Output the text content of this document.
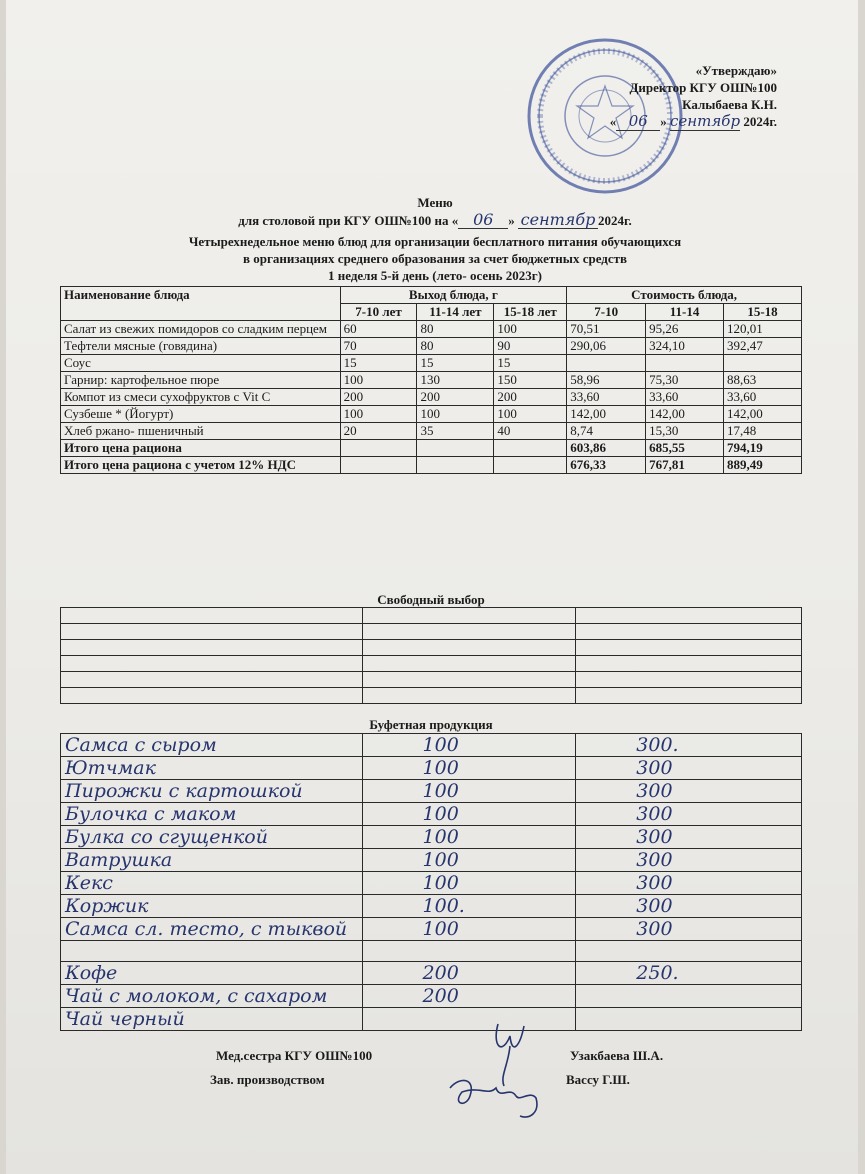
«Утверждаю»
Директор КГУ ОШ№100
Калыбаева К.Н.
« 06 » сентябр 2024г.
Меню
для столовой при КГУ ОШ№100 на « 06 » сентябр 2024г.
Четырехнедельное меню блюд для организации бесплатного питания обучающихся
в организациях среднего образования за счет бюджетных средств
1 неделя 5-й день (лето- осень 2023г)
Наименование блюда	Выход блюда, г			Стоимость блюда,		
	7-10 лет	11-14 лет	15-18 лет	7-10	11-14	15-18
Салат из свежих помидоров со сладким перцем	60	80	100	70,51	95,26	120,01
Тефтели мясные (говядина)	70	80	90	290,06	324,10	392,47
Соус	15	15	15			
Гарнир: картофельное пюре	100	130	150	58,96	75,30	88,63
Компот из смеси сухофруктов с Vit C	200	200	200	33,60	33,60	33,60
Сузбеше * (Йогурт)	100	100	100	142,00	142,00	142,00
Хлеб ржано- пшеничный	20	35	40	8,74	15,30	17,48
Итого цена рациона				603,86	685,55	794,19
Итого цена рациона с учетом 12% НДС				676,33	767,81	889,49
Свободный выбор

Буфетная продукция
Самса с сыром	100	300.
Ютчмак	100	300
Пирожки с картошкой	100	300
Булочка с маком	100	300
Булка со сгущенкой	100	300
Ватрушка	100	300
Кекс	100	300
Коржик	100.	300
Самса сл. тесто, с тыквой	100	300

Кофе	200	250.
Чай с молоком, с сахаром	200	
Чай черный		
Мед.сестра КГУ ОШ№100	Узакбаева Ш.А.
Зав. производством	Вассу Г.Ш.
